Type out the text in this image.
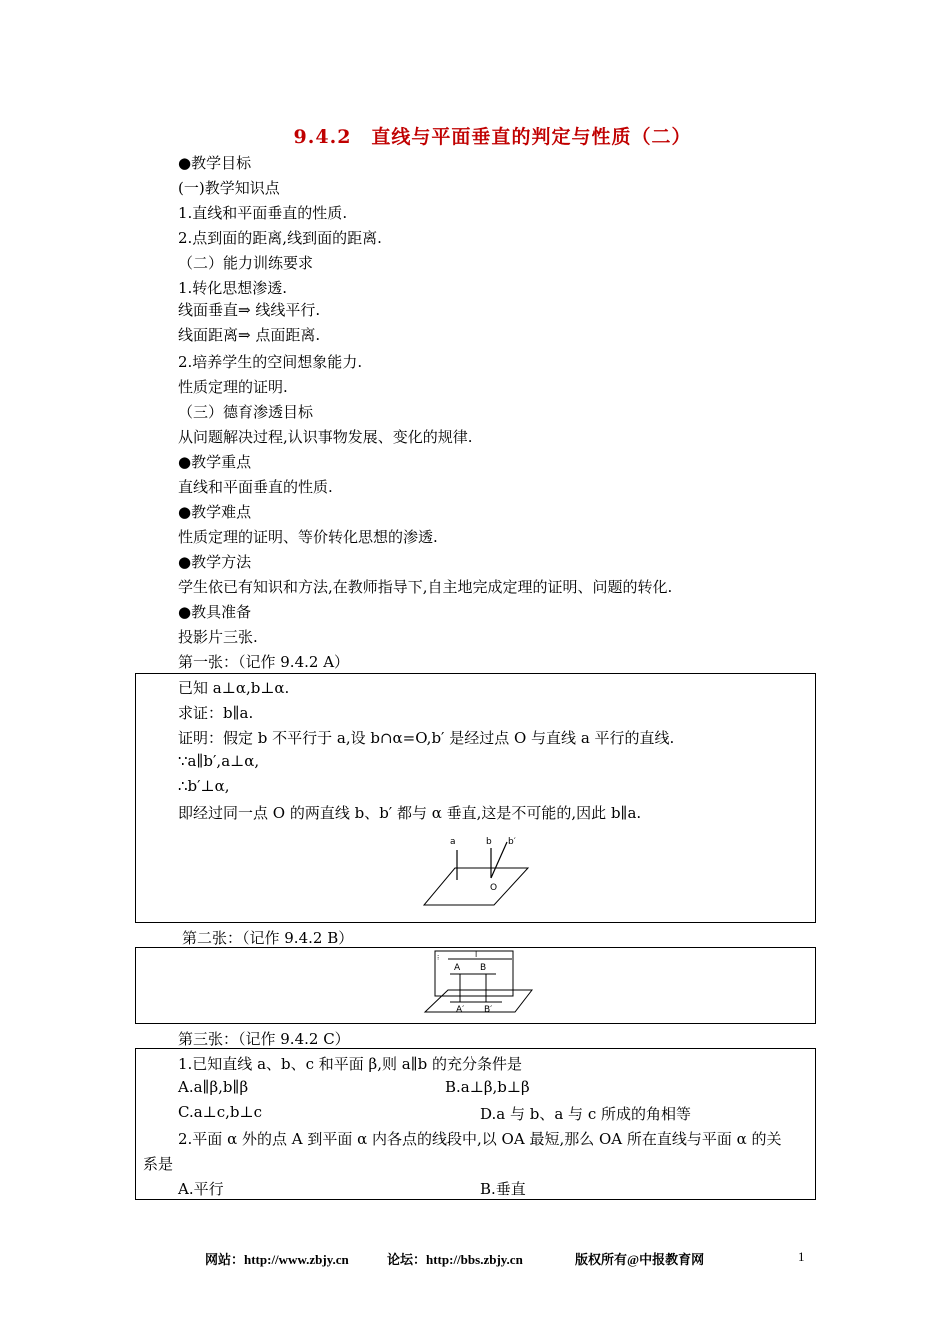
9.4.2　直线与平面垂直的判定与性质（二）
●教学目标
(一)教学知识点
1.直线和平面垂直的性质.
2.点到面的距离,线到面的距离.
（二）能力训练要求
1.转化思想渗透.
线面垂直⇒ 线线平行.
线面距离⇒ 点面距离.
2.培养学生的空间想象能力.
性质定理的证明.
（三）德育渗透目标
从问题解决过程,认识事物发展、变化的规律.
●教学重点
直线和平面垂直的性质.
●教学难点
性质定理的证明、等价转化思想的渗透.
●教学方法
学生依已有知识和方法,在教师指导下,自主地完成定理的证明、问题的转化.
●教具准备
投影片三张.
第一张：（记作 9.4.2 A）
已知 a⊥α,b⊥α.
求证：b∥a.
证明：假定 b 不平行于 a,设 b∩α=O,b′ 是经过点 O 与直线 a 平行的直线.
∵a∥b′,a⊥α,
∴b′⊥α,
即经过同一点 O 的两直线 b、b′ 都与 α 垂直,这是不可能的,因此 b∥a.
a	b b′
O
第二张：（记作 9.4.2 B）
⁝	l
A B
A′ B′
第三张：（记作 9.4.2 C）
1.已知直线 a、b、c 和平面 β,则 a∥b 的充分条件是
A.a∥β,b∥β	B.a⊥β,b⊥β
C.a⊥c,b⊥c	D.a 与 b、a 与 c 所成的角相等
2.平面 α 外的点 A 到平面 α 内各点的线段中,以 OA 最短,那么 OA 所在直线与平面 α 的关
系是
A.平行	B.垂直
网站：http://www.zbjy.cn	论坛：http://bbs.zbjy.cn	版权所有@中报教育网	1
